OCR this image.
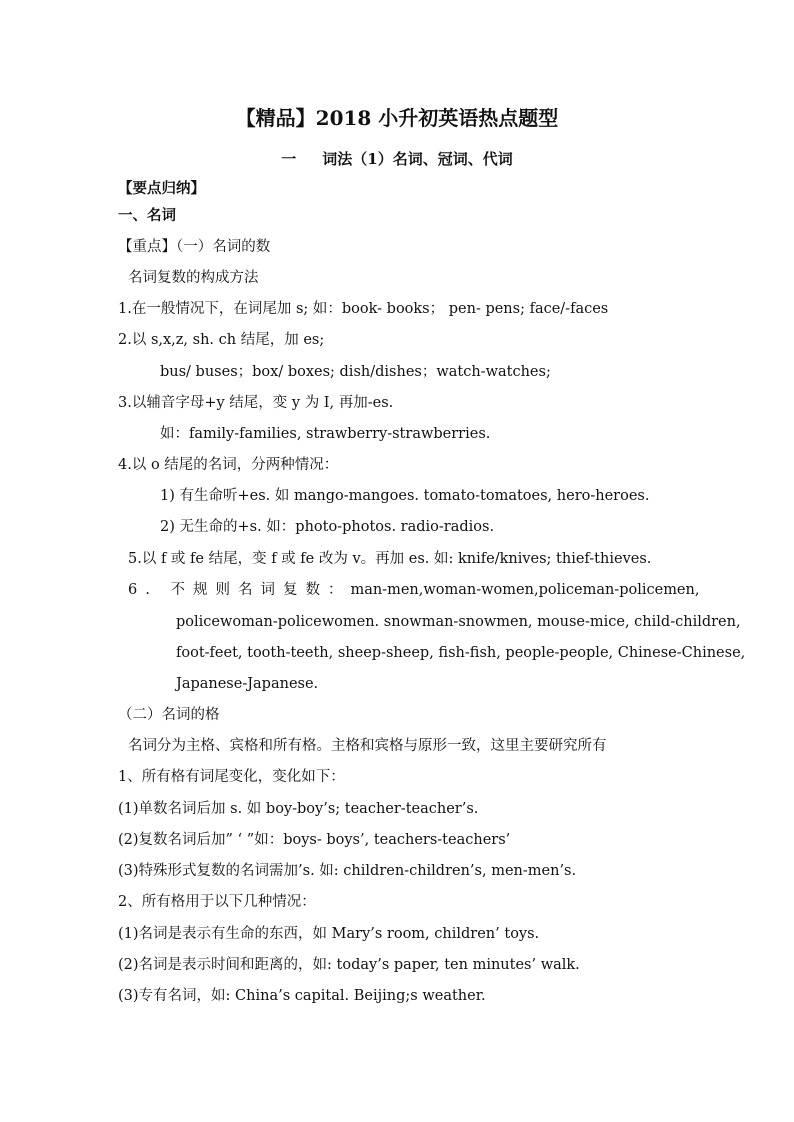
【精品】2018 小升初英语热点题型
一 词法（1）名词、冠词、代词
【要点归纳】
一、名词
【重点】（一）名词的数
名词复数的构成方法
1.在一般情况下，在词尾加 s; 如：book- books； pen- pens; face/-faces
2.以 s,x,z, sh. ch 结尾，加 es;
bus/ buses；box/ boxes; dish/dishes；watch-watches;
3.以辅音字母+y 结尾，变 y 为 I, 再加-es.
如：family-families, strawberry-strawberries.
4.以 o 结尾的名词，分两种情况：
1) 有生命听+es. 如 mango-mangoes. tomato-tomatoes, hero-heroes.
2) 无生命的+s. 如：photo-photos. radio-radios.
5.以 f 或 fe 结尾，变 f 或 fe 改为 v。再加 es. 如: knife/knives; thief-thieves.
6. 不规则名词复数： man-men, woman-women, policeman-policemen,
policewoman-policewomen. snowman-snowmen, mouse-mice, child-children,
foot-feet, tooth-teeth, sheep-sheep, fish-fish, people-people, Chinese-Chinese,
Japanese-Japanese.
（二）名词的格
名词分为主格、宾格和所有格。主格和宾格与原形一致，这里主要研究所有
1、所有格有词尾变化，变化如下：
(1)单数名词后加 s. 如 boy-boy’s; teacher-teacher’s.
(2)复数名词后加” ‘ ”如：boys- boys’, teachers-teachers’
(3)特殊形式复数的名词需加’s. 如: children-children’s, men-men’s.
2、所有格用于以下几种情况：
(1)名词是表示有生命的东西，如 Mary’s room, children’ toys.
(2)名词是表示时间和距离的，如: today’s paper, ten minutes’ walk.
(3)专有名词，如: China’s capital. Beijing;s weather.
